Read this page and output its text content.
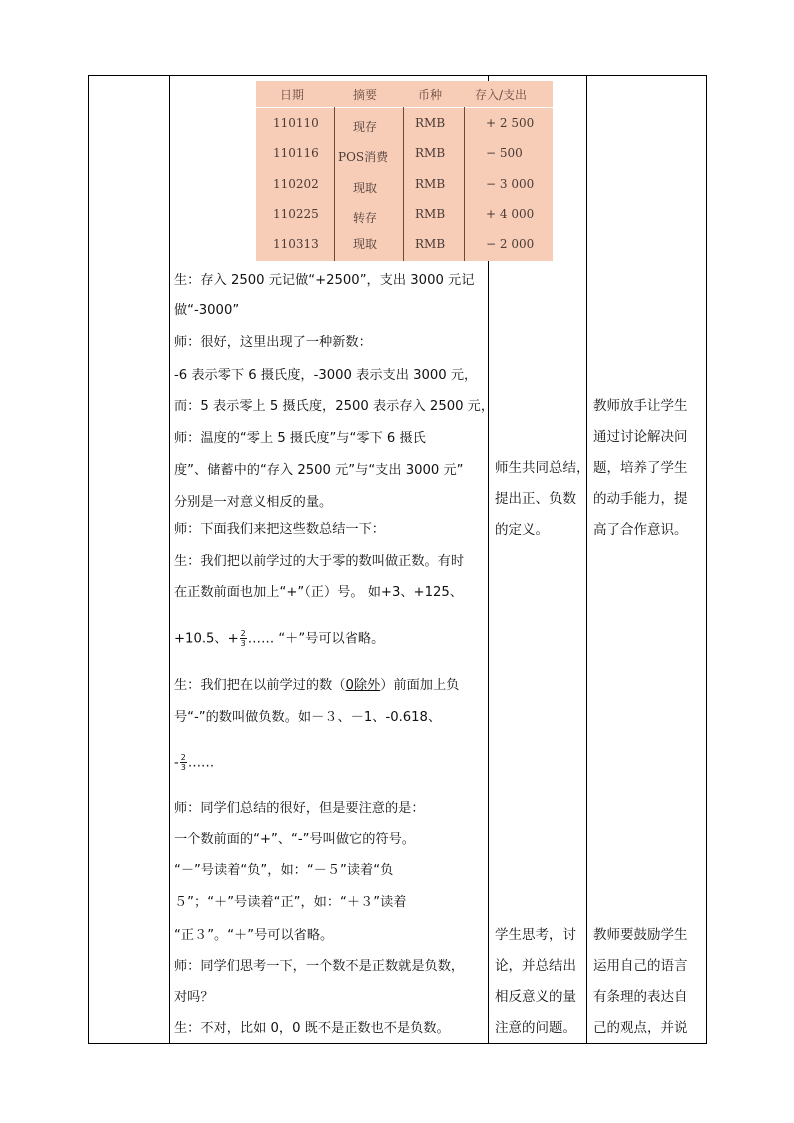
日期	摘要	币种	存入/支出
110110	现存	RMB	+ 2 500
110116 POS消费 RMB	− 500
110202	现取	RMB	− 3 000
110225	转存	RMB	+ 4 000
110313	现取	RMB	− 2 000
生：存入 2500 元记做“+2500”，支出 3000 元记
做“-3000”
师：很好，这里出现了一种新数：
-6 表示零下 6 摄氏度，-3000 表示支出 3000 元，
而：5 表示零上 5 摄氏度，2500 表示存入 2500 元，
师：温度的“零上 5 摄氏度”与“零下 6 摄氏
度”、储蓄中的“存入 2500 元”与“支出 3000 元”
分别是一对意义相反的量。
师：下面我们来把这些数总结一下：
生：我们把以前学过的大于零的数叫做正数。有时
在正数前面也加上“+”（正）号。 如+3、+125、
+10.5、+ $\frac{2}{3}$ …… “＋”号可以省略。
生：我们把在以前学过的数（0除外）前面加上负
号“-”的数叫做负数。如－３、－1、-0.618、
- $\frac{2}{3}$ ……
师：同学们总结的很好，但是要注意的是：
一个数前面的“+”、“-”号叫做它的符号。
“－”号读着“负”，如：“－５”读着“负
５”；“＋”号读着“正”，如：“＋３”读着
“正３”。“＋”号可以省略。
师：同学们思考一下，一个数不是正数就是负数，
对吗？
生：不对，比如 0，0 既不是正数也不是负数。
师生共同总结，
提出正、负数
的定义。
学生思考，讨
论，并总结出
相反意义的量
注意的问题。
教师放手让学生
通过讨论解决问
题，培养了学生
的动手能力，提
高了合作意识。
教师要鼓励学生
运用自己的语言
有条理的表达自
己的观点，并说
